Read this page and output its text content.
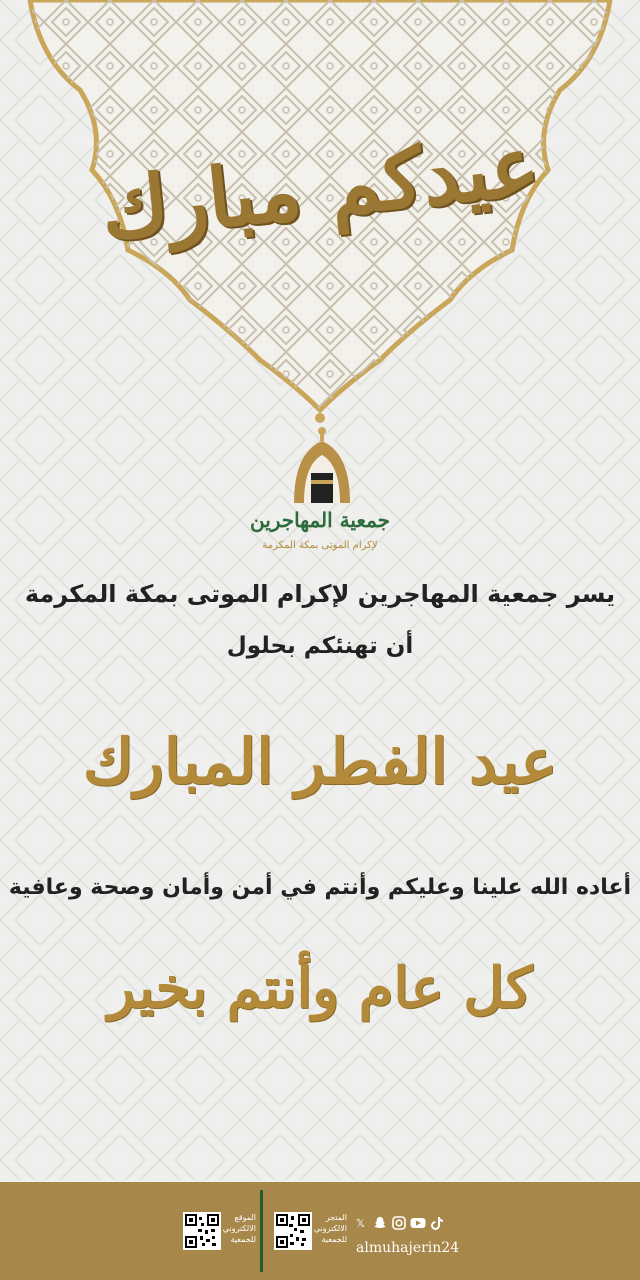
عيدكم مبارك
جمعية المهاجرين
لإكرام الموتى بمكة المكرمة
يسر جمعية المهاجرين لإكرام الموتى بمكة المكرمة
أن تهنئكم بحلول
عيد الفطر المبارك
أعاده الله علينا وعليكم وأنتم في أمن وأمان وصحة وعافية
كل عام وأنتم بخير
الموقع الالكتروني للجمعية
المتجر الالكتروني للجمعية
𝕏
almuhajerin24
